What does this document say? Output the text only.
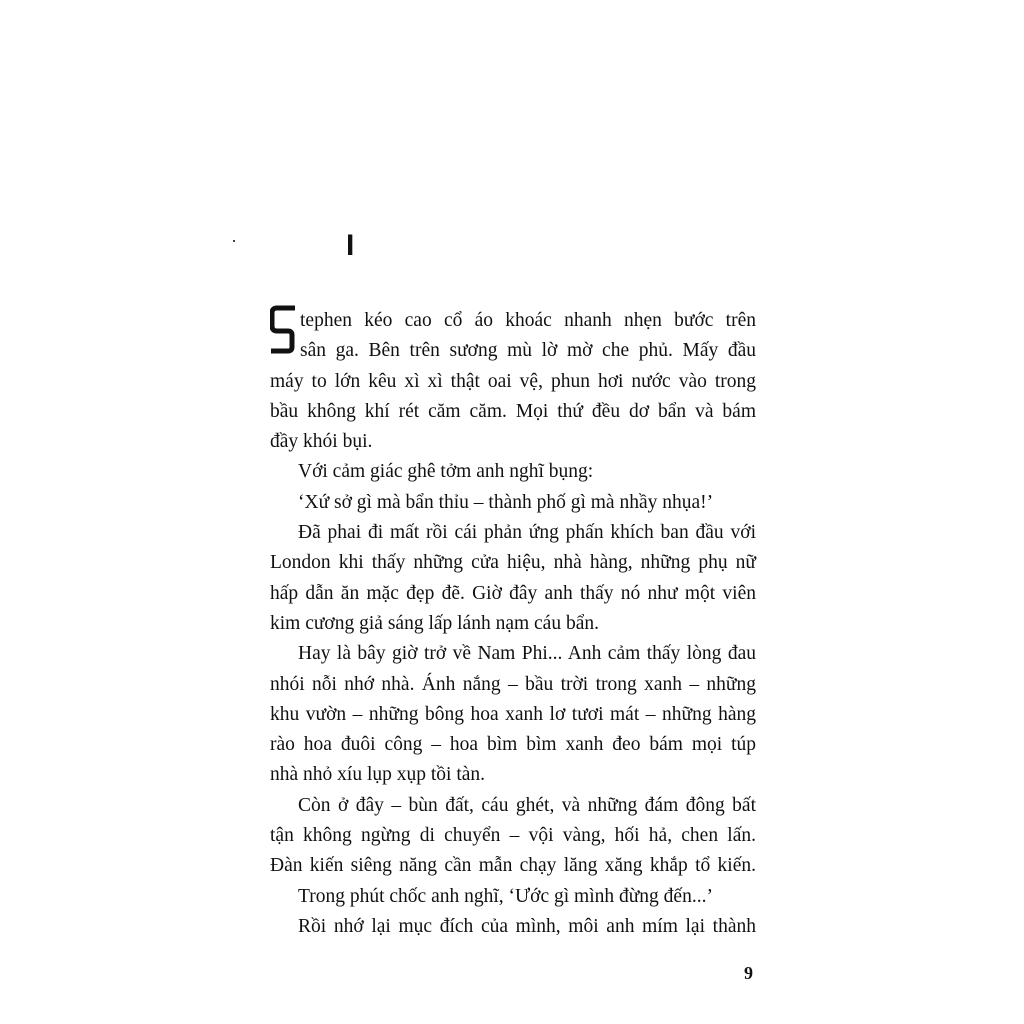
I
tephen kéo cao cổ áo khoác nhanh nhẹn bước trên
sân ga. Bên trên sương mù lờ mờ che phủ. Mấy đầu
máy to lớn kêu xì xì thật oai vệ, phun hơi nước vào trong
bầu không khí rét căm căm. Mọi thứ đều dơ bẩn và bám
đầy khói bụi.
Với cảm giác ghê tởm anh nghĩ bụng:
‘Xứ sở gì mà bẩn thỉu – thành phố gì mà nhầy nhụa!’
Đã phai đi mất rồi cái phản ứng phấn khích ban đầu với
London khi thấy những cửa hiệu, nhà hàng, những phụ nữ
hấp dẫn ăn mặc đẹp đẽ. Giờ đây anh thấy nó như một viên
kim cương giả sáng lấp lánh nạm cáu bẩn.
Hay là bây giờ trở về Nam Phi... Anh cảm thấy lòng đau
nhói nỗi nhớ nhà. Ánh nắng – bầu trời trong xanh – những
khu vườn – những bông hoa xanh lơ tươi mát – những hàng
rào hoa đuôi công – hoa bìm bìm xanh đeo bám mọi túp
nhà nhỏ xíu lụp xụp tồi tàn.
Còn ở đây – bùn đất, cáu ghét, và những đám đông bất
tận không ngừng di chuyển – vội vàng, hối hả, chen lấn.
Đàn kiến siêng năng cần mẫn chạy lăng xăng khắp tổ kiến.
Trong phút chốc anh nghĩ, ‘Ước gì mình đừng đến...’
Rồi nhớ lại mục đích của mình, môi anh mím lại thành
9
